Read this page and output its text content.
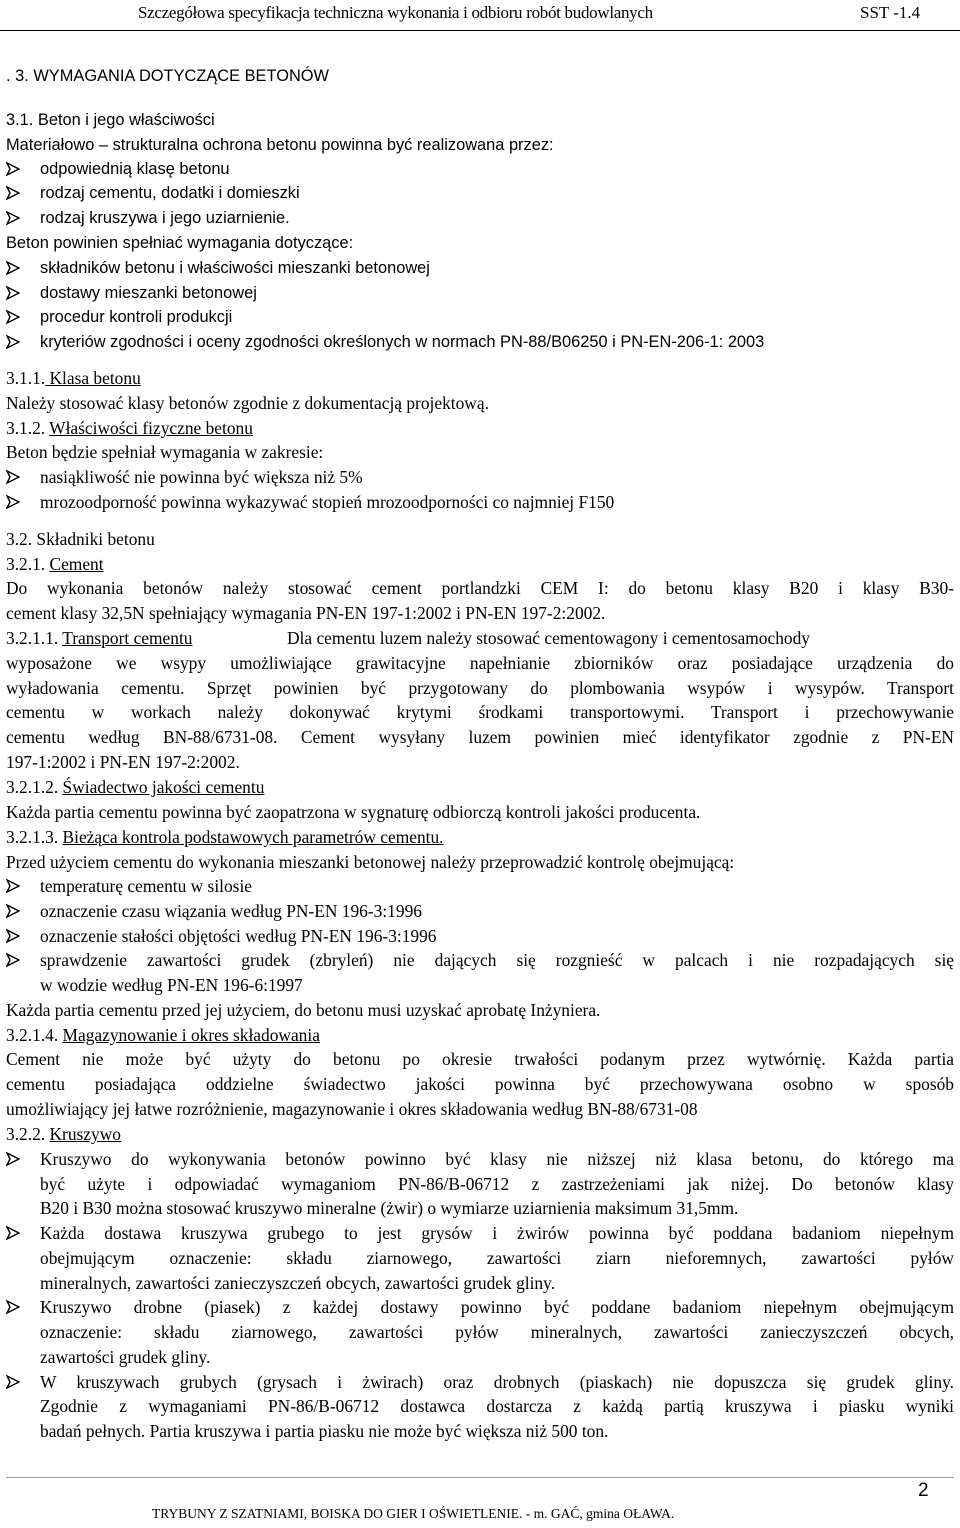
Szczegółowa specyfikacja techniczna wykonania i odbioru robót budowlanych	SST -1.4
. 3. WYMAGANIA DOTYCZĄCE BETONÓW
3.1. Beton i jego właściwości
Materiałowo – strukturalna ochrona betonu powinna być realizowana przez:
odpowiednią klasę betonu
rodzaj cementu, dodatki i domieszki
rodzaj kruszywa i jego uziarnienie.
Beton powinien spełniać wymagania dotyczące:
składników betonu i właściwości mieszanki betonowej
dostawy mieszanki betonowej
procedur kontroli produkcji
kryteriów zgodności i oceny zgodności określonych w normach PN-88/B06250 i PN-EN-206-1: 2003
3.1.1. Klasa betonu
Należy stosować klasy betonów zgodnie z dokumentacją projektową.
3.1.2. Właściwości fizyczne betonu
Beton będzie spełniał wymagania w zakresie:
nasiąkliwość nie powinna być większa niż 5%
mrozoodporność powinna wykazywać stopień mrozoodporności co najmniej F150
3.2. Składniki betonu
3.2.1. Cement
Do wykonania betonów należy stosować cement portlandzki CEM I: do betonu klasy B20 i klasy B30-
cement klasy 32,5N spełniający wymagania PN-EN 197-1:2002 i PN-EN 197-2:2002.
3.2.1.1. Transport cementu	Dla cementu luzem należy stosować cementowagony i cementosamochody
wyposażone we wsypy umożliwiające grawitacyjne napełnianie zbiorników oraz posiadające urządzenia do
wyładowania cementu. Sprzęt powinien być przygotowany do plombowania wsypów i wysypów. Transport
cementu w workach należy dokonywać krytymi środkami transportowymi. Transport i przechowywanie
cementu według BN-88/6731-08. Cement wysyłany luzem powinien mieć identyfikator zgodnie z PN-EN
197-1:2002 i PN-EN 197-2:2002.
3.2.1.2. Świadectwo jakości cementu
Każda partia cementu powinna być zaopatrzona w sygnaturę odbiorczą kontroli jakości producenta.
3.2.1.3. Bieżąca kontrola podstawowych parametrów cementu.
Przed użyciem cementu do wykonania mieszanki betonowej należy przeprowadzić kontrolę obejmującą:
temperaturę cementu w silosie
oznaczenie czasu wiązania według PN-EN 196-3:1996
oznaczenie stałości objętości według PN-EN 196-3:1996
sprawdzenie zawartości grudek (zbryleń) nie dających się rozgnieść w palcach i nie rozpadających się
w wodzie według PN-EN 196-6:1997
Każda partia cementu przed jej użyciem, do betonu musi uzyskać aprobatę Inżyniera.
3.2.1.4. Magazynowanie i okres składowania
Cement nie może być użyty do betonu po okresie trwałości podanym przez wytwórnię. Każda partia
cementu posiadająca oddzielne świadectwo jakości powinna być przechowywana osobno w sposób
umożliwiający jej łatwe rozróżnienie, magazynowanie i okres składowania według BN-88/6731-08
3.2.2. Kruszywo
Kruszywo do wykonywania betonów powinno być klasy nie niższej niż klasa betonu, do którego ma
być użyte i odpowiadać wymaganiom PN-86/B-06712 z zastrzeżeniami jak niżej. Do betonów klasy
B20 i B30 można stosować kruszywo mineralne (żwir) o wymiarze uziarnienia maksimum 31,5mm.
Każda dostawa kruszywa grubego to jest grysów i żwirów powinna być poddana badaniom niepełnym
obejmującym oznaczenie: składu ziarnowego, zawartości ziarn nieforemnych, zawartości pyłów
mineralnych, zawartości zanieczyszczeń obcych, zawartości grudek gliny.
Kruszywo drobne (piasek) z każdej dostawy powinno być poddane badaniom niepełnym obejmującym
oznaczenie: składu ziarnowego, zawartości pyłów mineralnych, zawartości zanieczyszczeń obcych,
zawartości grudek gliny.
W kruszywach grubych (grysach i żwirach) oraz drobnych (piaskach) nie dopuszcza się grudek gliny.
Zgodnie z wymaganiami PN-86/B-06712 dostawca dostarcza z każdą partią kruszywa i piasku wyniki
badań pełnych. Partia kruszywa i partia piasku nie może być większa niż 500 ton.
2
TRYBUNY Z SZATNIAMI, BOISKA DO GIER I OŚWIETLENIE. - m. GAĆ, gmina OŁAWA.
